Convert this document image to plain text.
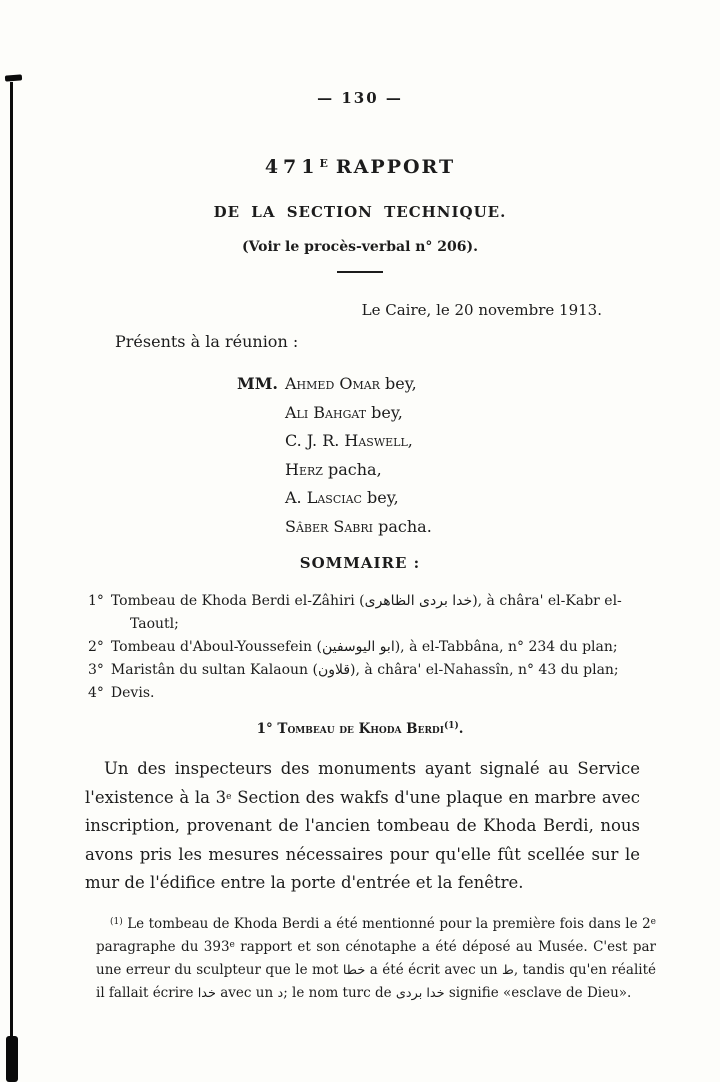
— 130 —
$471^E$ RAPPORT
DE LA SECTION TECHNIQUE.
(Voir le procès-verbal n° 206).
Le Caire, le 20 novembre 1913.
Présents à la réunion :
MM. Ahmed Omar bey,
Ali Bahgat bey,
C. J. R. Haswell,
Herz pacha,
A. Lasciac bey,
Sâber Sabri pacha.
SOMMAIRE :
1° Tombeau de Khoda Berdi el-Zâhiri (خدا بردى الظاهرى), à châra' el-Kabr el-
Taoutl;
2° Tombeau d'Aboul-Youssefein (ابو اليوسفين), à el-Tabbâna, n° 234 du plan;
3° Maristân du sultan Kalaoun (قلاون), à châra' el-Nahassîn, n° 43 du plan;
4° Devis.
1° Tombeau de Khoda Berdi$^{(1)}$.

Un des inspecteurs des monuments ayant signalé au Service l'existence à la 3e Section des wakfs d'une plaque en marbre avec inscription, provenant de l'ancien tombeau de Khoda Berdi, nous avons pris les mesures nécessaires pour qu'elle fût scellée sur le mur de l'édifice entre la porte d'entrée et la fenêtre.

$^{(1)}$ Le tombeau de Khoda Berdi a été mentionné pour la première fois dans le 2e paragraphe du 393e rapport et son cénotaphe a été déposé au Musée. C'est par une erreur du sculpteur que le mot خطا a été écrit avec un ط, tandis qu'en réalité il fallait écrire خدا avec un د; le nom turc de خدا بردى signifie «esclave de Dieu».
